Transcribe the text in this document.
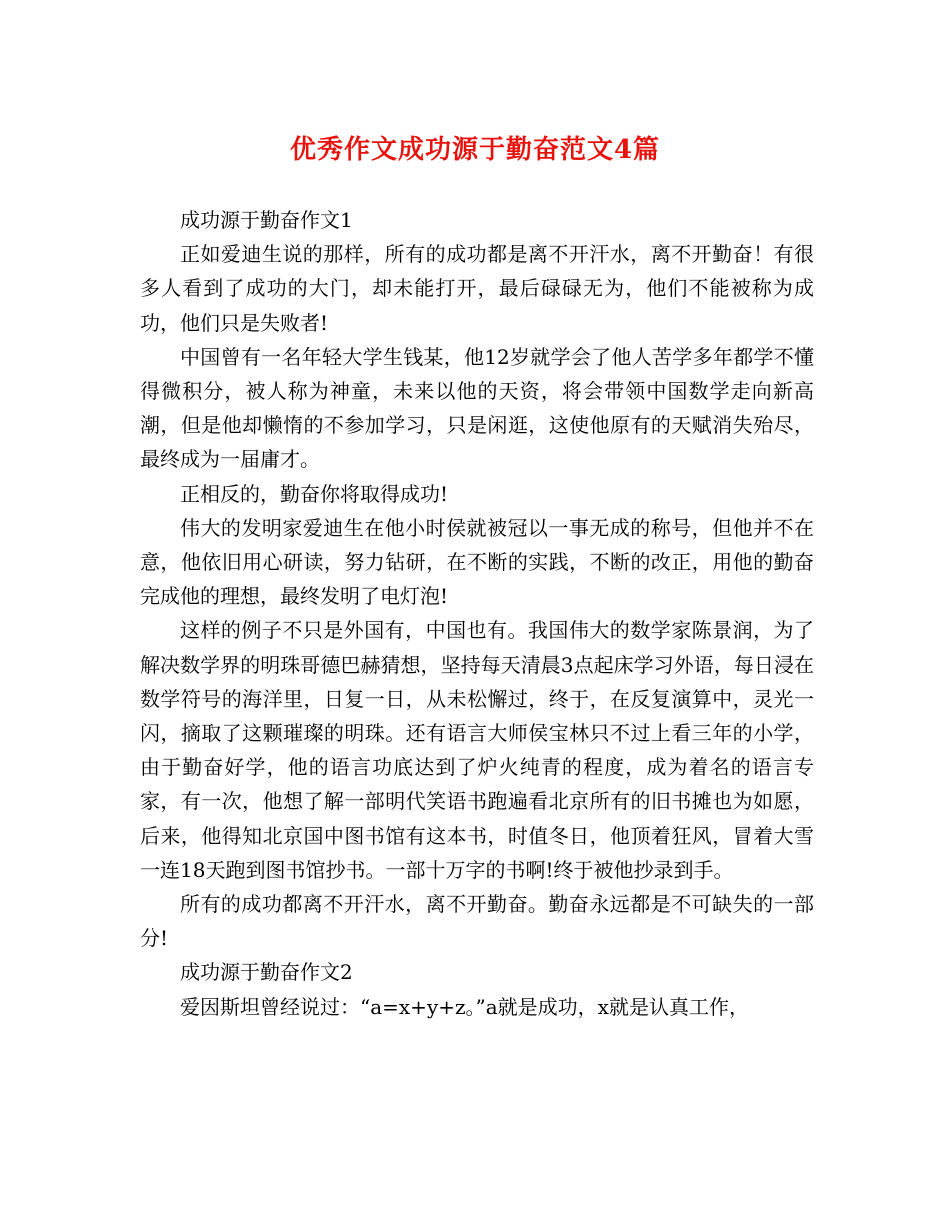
优秀作文成功源于勤奋范文4篇

成功源于勤奋作文1

正如爱迪生说的那样，所有的成功都是离不开汗水，离不开勤奋！有很多人看到了成功的大门，却未能打开，最后碌碌无为，他们不能被称为成功，他们只是失败者!

中国曾有一名年轻大学生钱某，他12岁就学会了他人苦学多年都学不懂得微积分，被人称为神童，未来以他的天资，将会带领中国数学走向新高潮，但是他却懒惰的不参加学习，只是闲逛，这使他原有的天赋消失殆尽，最终成为一届庸才。

正相反的，勤奋你将取得成功!

伟大的发明家爱迪生在他小时侯就被冠以一事无成的称号，但他并不在意，他依旧用心研读，努力钻研，在不断的实践，不断的改正，用他的勤奋完成他的理想，最终发明了电灯泡!

这样的例子不只是外国有，中国也有。我国伟大的数学家陈景润，为了解决数学界的明珠哥德巴赫猜想，坚持每天清晨3点起床学习外语，每日浸在数学符号的海洋里，日复一日，从未松懈过，终于，在反复演算中，灵光一闪，摘取了这颗璀璨的明珠。还有语言大师侯宝林只不过上看三年的小学，由于勤奋好学，他的语言功底达到了炉火纯青的程度，成为着名的语言专家，有一次，他想了解一部明代笑语书跑遍看北京所有的旧书摊也为如愿，后来，他得知北京国中图书馆有这本书，时值冬日，他顶着狂风，冒着大雪一连18天跑到图书馆抄书。一部十万字的书啊!终于被他抄录到手。

所有的成功都离不开汗水，离不开勤奋。勤奋永远都是不可缺失的一部分!

成功源于勤奋作文2

爱因斯坦曾经说过：“a=x+y+z。”a就是成功，x就是认真工作，
